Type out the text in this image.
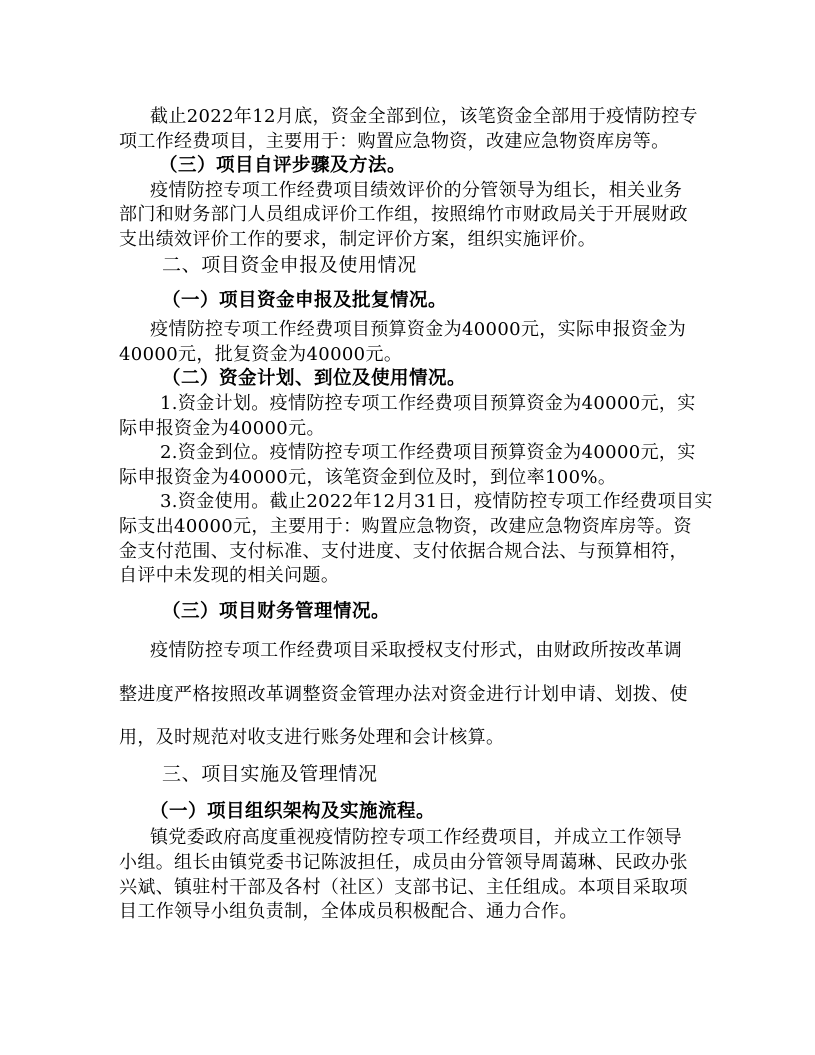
截止2022年12月底，资金全部到位，该笔资金全部用于疫情防控专
项工作经费项目，主要用于：购置应急物资，改建应急物资库房等。
（三）项目自评步骤及方法。
疫情防控专项工作经费项目绩效评价的分管领导为组长，相关业务
部门和财务部门人员组成评价工作组，按照绵竹市财政局关于开展财政
支出绩效评价工作的要求，制定评价方案，组织实施评价。
二、项目资金申报及使用情况
（一）项目资金申报及批复情况。
疫情防控专项工作经费项目预算资金为40000元，实际申报资金为
40000元，批复资金为40000元。
（二）资金计划、到位及使用情况。
1.资金计划。疫情防控专项工作经费项目预算资金为40000元，实
际申报资金为40000元。
2.资金到位。疫情防控专项工作经费项目预算资金为40000元，实
际申报资金为40000元，该笔资金到位及时，到位率100%。
3.资金使用。截止2022年12月31日，疫情防控专项工作经费项目实
际支出40000元，主要用于：购置应急物资，改建应急物资库房等。资
金支付范围、支付标准、支付进度、支付依据合规合法、与预算相符，
自评中未发现的相关问题。
（三）项目财务管理情况。
疫情防控专项工作经费项目采取授权支付形式，由财政所按改革调
整进度严格按照改革调整资金管理办法对资金进行计划申请、划拨、使
用，及时规范对收支进行账务处理和会计核算。
三、项目实施及管理情况
（一）项目组织架构及实施流程。
镇党委政府高度重视疫情防控专项工作经费项目，并成立工作领导
小组。组长由镇党委书记陈波担任，成员由分管领导周蔼琳、民政办张
兴斌、镇驻村干部及各村（社区）支部书记、主任组成。本项目采取项
目工作领导小组负责制，全体成员积极配合、通力合作。
